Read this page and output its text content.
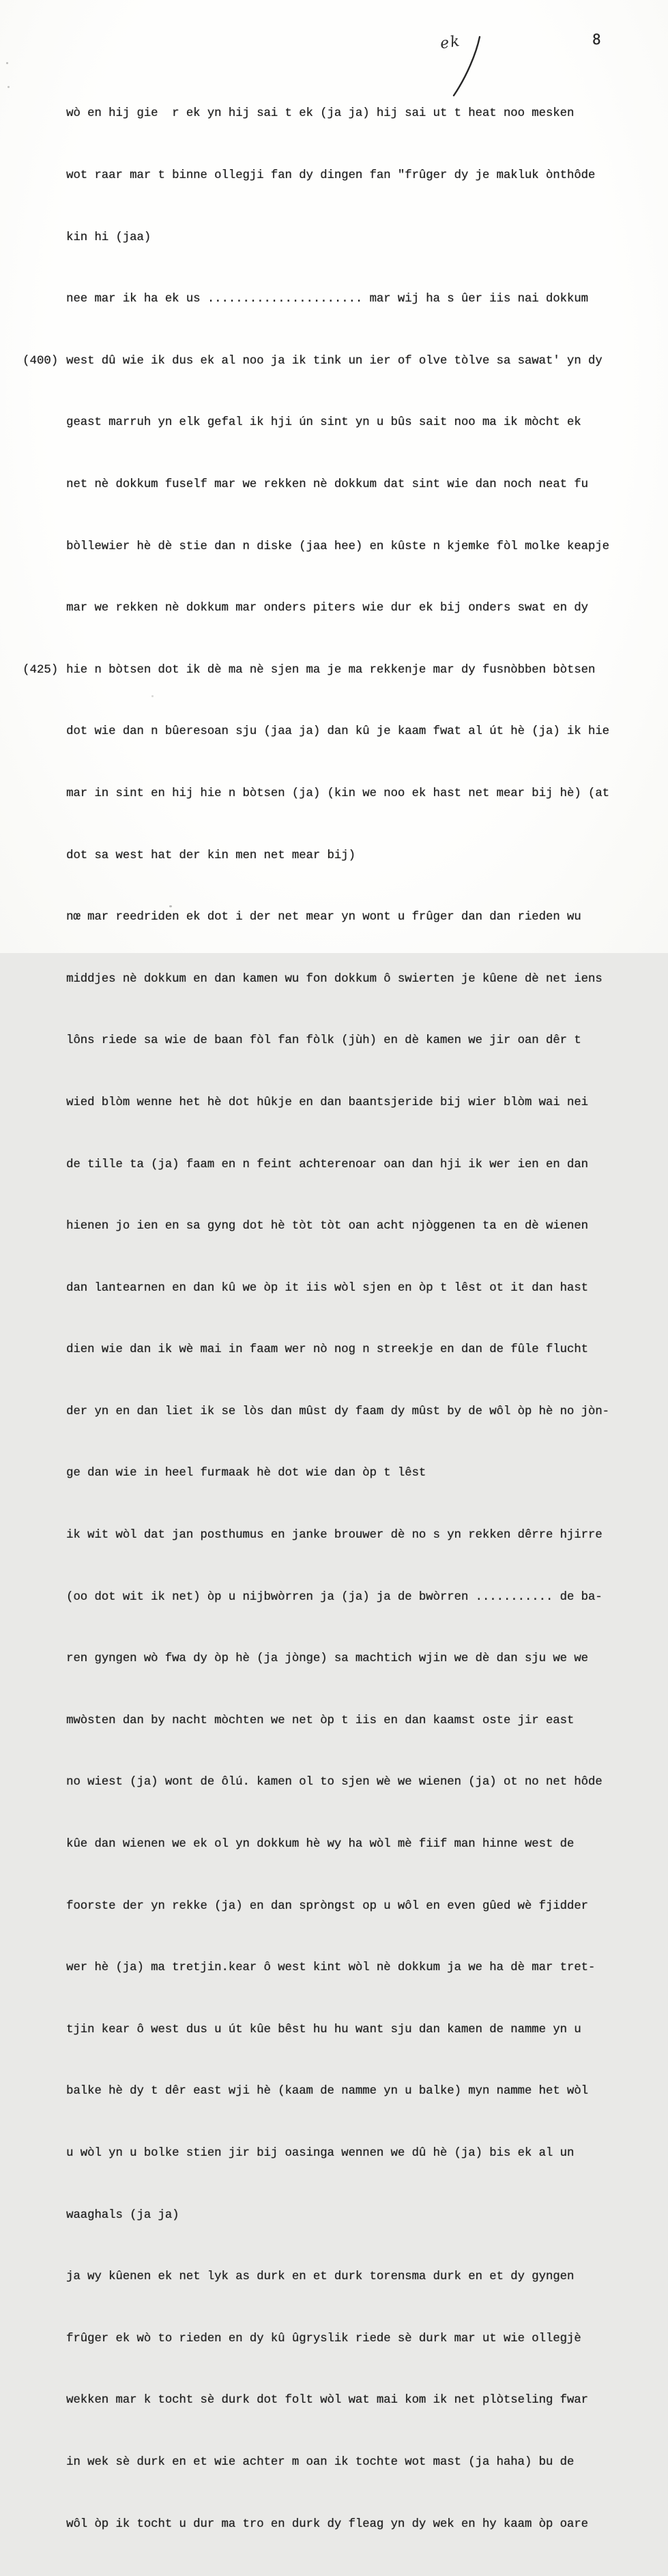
8
ek
(400)
(425)

wò en hij gie  r ek yn hij sai t ek (ja ja) hij sai ut t heat noo mesken

wot raar mar t binne ollegji fan dy dingen fan "frûger dy je makluk ònthôde

kin hi (jaa)

nee mar ik ha ek us ...................... mar wij ha s ûer iis nai dokkum

west dû wie ik dus ek al noo ja ik tink un ier of olve tòlve sa sawat' yn dy

geast marruh yn elk gefal ik hji ún sint yn u bûs sait noo ma ik mòcht ek

net nè dokkum fuself mar we rekken nè dokkum dat sint wie dan noch neat fu

bòllewier hè dè stie dan n diske (jaa hee) en kûste n kjemke fòl molke keapje

mar we rekken nè dokkum mar onders piters wie dur ek bij onders swat en dy

hie n bòtsen dot ik dè ma nè sjen ma je ma rekkenje mar dy fusnòbben bòtsen

dot wie dan n bûeresoan sju (jaa ja) dan kû je kaam fwat al út hè (ja) ik hie

mar in sint en hij hie n bòtsen (ja) (kin we noo ek hast net mear bij hè) (at

dot sa west hat der kin men net mear bij)

nœ mar reedriden ek dot i der net mear yn wont u frûger dan dan rieden wu

middjes nè dokkum en dan kamen wu fon dokkum ô swierten je kûene dè net iens

lôns riede sa wie de baan fòl fan fòlk (jùh) en dè kamen we jir oan dêr t

wied blòm wenne het hè dot hûkje en dan baantsjeride bij wier blòm wai nei

de tille ta (ja) faam en n feint achterenoar oan dan hji ik wer ien en dan

hienen jo ien en sa gyng dot hè tòt tòt oan acht njòggenen ta en dè wienen

dan lantearnen en dan kû we òp it iis wòl sjen en òp t lêst ot it dan hast

dien wie dan ik wè mai in faam wer nò nog n streekje en dan de fûle flucht

der yn en dan liet ik se lòs dan mûst dy faam dy mûst by de wôl òp hè no jòn-

ge dan wie in heel furmaak hè dot wie dan òp t lêst

ik wit wòl dat jan posthumus en janke brouwer dè no s yn rekken dêrre hjirre

(oo dot wit ik net) òp u nijbwòrren ja (ja) ja de bwòrren ........... de ba-

ren gyngen wò fwa dy òp hè (ja jònge) sa machtich wjin we dè dan sju we we

mwòsten dan by nacht mòchten we net òp t iis en dan kaamst oste jir east

no wiest (ja) wont de ôlú. kamen ol to sjen wè we wienen (ja) ot no net hôde

kûe dan wienen we ek ol yn dokkum hè wy ha wòl mè fiif man hinne west de

foorste der yn rekke (ja) en dan spròngst op u wôl en even gûed wè fjidder

wer hè (ja) ma tretjin.kear ô west kint wòl nè dokkum ja we ha dè mar tret-

tjin kear ô west dus u út kûe bêst hu hu want sju dan kamen de namme yn u

balke hè dy t dêr east wji hè (kaam de namme yn u balke) myn namme het wòl

u wòl yn u bolke stien jir bij oasinga wennen we dû hè (ja) bis ek al un

waaghals (ja ja)

ja wy kûenen ek net lyk as durk en et durk torensma durk en et dy gyngen

frûger ek wò to rieden en dy kû ûgryslik riede sè durk mar ut wie ollegjè

wekken mar k tocht sè durk dot folt wòl wat mai kom ik net plòtseling fwar

in wek sè durk en et wie achter m oan ik tochte wot mast (ja haha) bu de

wôl òp ik tocht u dur ma tro en durk dy fleag yn dy wek en hy kaam òp oare
